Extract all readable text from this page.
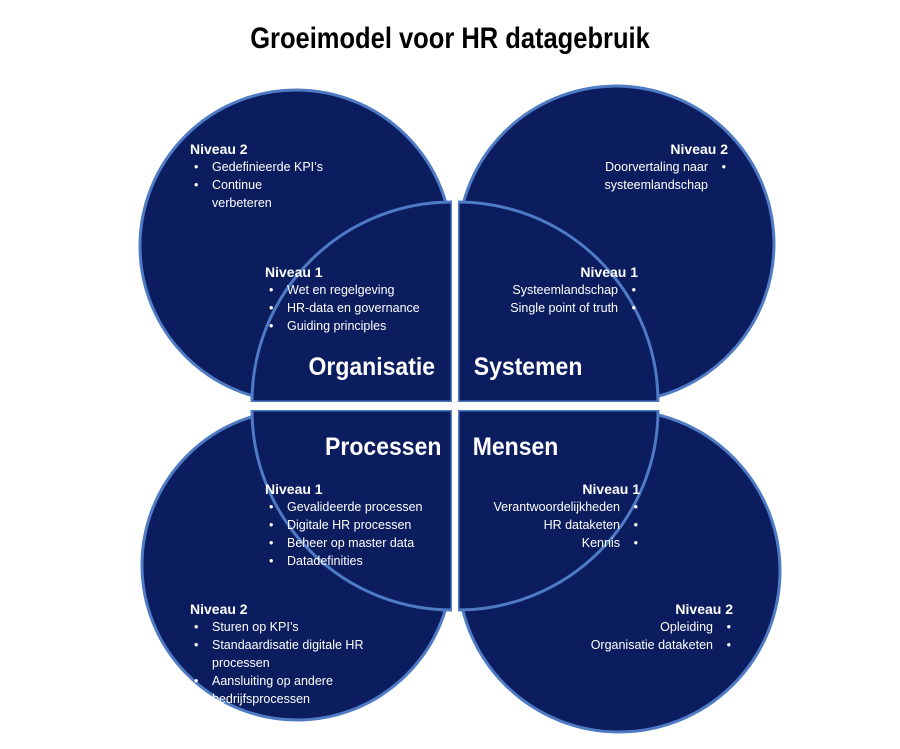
Groeimodel voor HR datagebruik
Niveau 2
• Gedefinieerde KPI’s
• Continue verbeteren
Niveau 1
• Wet en regelgeving
• HR-data en governance
• Guiding principles
Organisatie
Niveau 2
Doorvertaling naar systeemlandschap •
Niveau 1
Systeemlandschap •
Single point of truth •
Systemen
Processen
Niveau 1
• Gevalideerde processen
• Digitale HR processen
• Beheer op master data
• Datadefinities
Niveau 2
• Sturen op KPI’s
• Standaardisatie digitale HR processen
• Aansluiting op andere bedrijfsprocessen
Mensen
Niveau 1
Verantwoordelijkheden •
HR dataketen •
Kennis •
Niveau 2
Opleiding •
Organisatie dataketen •
